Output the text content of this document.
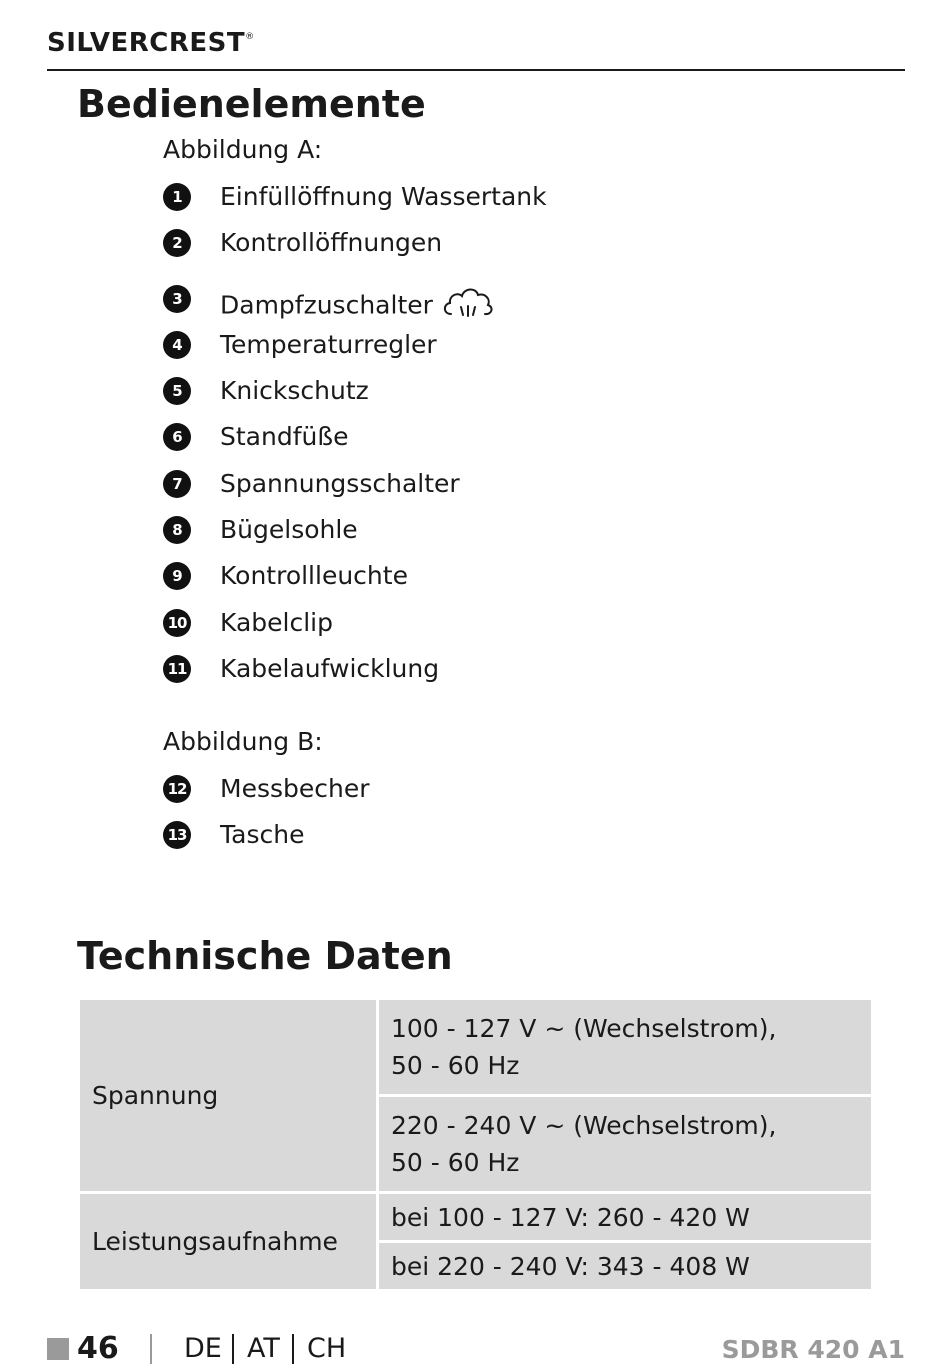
SILVERCREST®
Bedienelemente
Abbildung A:
1	Einfüllöffnung Wassertank
2	Kontrollöffnungen
3	Dampfzuschalter
4	Temperaturregler
5	Knickschutz
6	Standfüße
7	Spannungsschalter
8	Bügelsohle
9	Kontrollleuchte
10 Kabelclip
11 Kabelaufwicklung
Abbildung B:
12 Messbecher
13 Tasche
Technische Daten
Spannung	100 - 127 V ~ (Wechselstrom),
50 - 60 Hz

	220 - 240 V ~ (Wechselstrom),
50 - 60 Hz

Leistungsaufnahme	bei 100 - 127 V: 260 - 420 W
	bei 220 - 240 V: 343 - 408 W
46 DE AT CH	SDBR 420 A1
